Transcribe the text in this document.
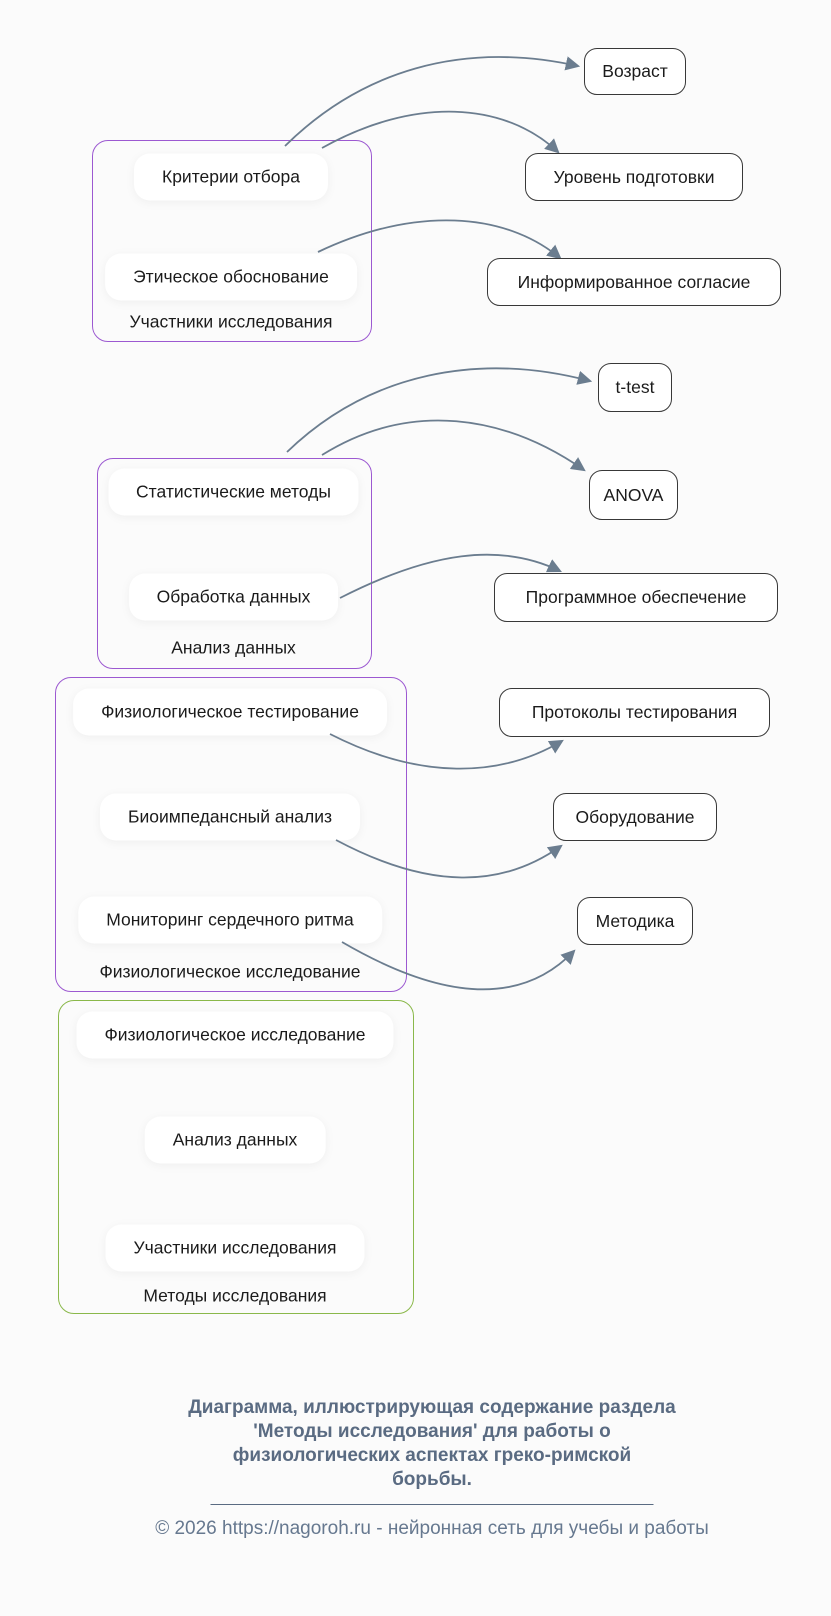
Критерии отбора
Этическое обоснование
Участники исследования
Статистические методы
Обработка данных
Анализ данных
Физиологическое тестирование
Биоимпедансный анализ
Мониторинг сердечного ритма
Физиологическое исследование
Физиологическое исследование
Анализ данных
Участники исследования
Методы исследования
Возраст
Уровень подготовки
Информированное согласие
t-test
ANOVA
Программное обеспечение
Протоколы тестирования
Оборудование
Методика
Диаграмма, иллюстрирующая содержание раздела
'Методы исследования' для работы о
физиологических аспектах греко-римской
борьбы.
© 2026 https://nagoroh.ru - нейронная сеть для учебы и работы
